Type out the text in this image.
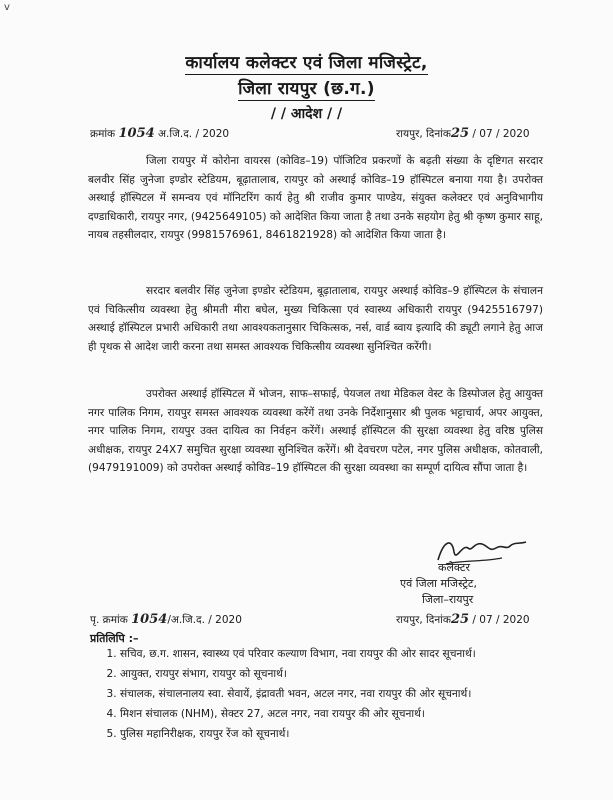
v
कार्यालय कलेक्टर एवं जिला मजिस्ट्रेट,
जिला रायपुर (छ.ग.)
/ / आदेश / /
क्रमांक 1054 अ.जि.द. / 2020	रायपुर, दिनांक25 / 07 / 2020
जिला रायपुर में कोरोना वायरस (कोविड–19) पॉजिटिव प्रकरणों के बढ़ती संख्या के दृष्टिगत सरदार बलवीर सिंह जुनेजा इण्डोर स्टेडियम, बूढ़ातालाब, रायपुर को अस्थाई कोविड–19 हॉस्पिटल बनाया गया है। उपरोक्त अस्थाई हॉस्पिटल में समन्वय एवं मॉनिटरिंग कार्य हेतु श्री राजीव कुमार पाण्डेय, संयुक्त कलेक्टर एवं अनुविभागीय दण्डाधिकारी, रायपुर नगर, (9425649105) को आदेशित किया जाता है तथा उनके सहयोग हेतु श्री कृष्ण कुमार साहू, नायब तहसीलदार, रायपुर (9981576961, 8461821928) को आदेशित किया जाता है।
सरदार बलवीर सिंह जुनेजा इण्डोर स्टेडियम, बूढ़ातालाब, रायपुर अस्थाई कोविड–9 हॉस्पिटल के संचालन एवं चिकित्सीय व्यवस्था हेतु श्रीमती मीरा बघेल, मुख्य चिकित्सा एवं स्वास्थ्य अधिकारी रायपुर (9425516797) अस्थाई हॉस्पिटल प्रभारी अधिकारी तथा आवश्यकतानुसार चिकित्सक, नर्स, वार्ड ब्वाय इत्यादि की ड्यूटी लगाने हेतु आज ही पृथक से आदेश जारी करना तथा समस्त आवश्यक चिकित्सीय व्यवस्था सुनिश्चित करेंगी।
उपरोक्त अस्थाई हॉस्पिटल में भोजन, साफ–सफाई, पेयजल तथा मेडिकल वेस्ट के डिस्पोजल हेतु आयुक्त नगर पालिक निगम, रायपुर समस्त आवश्यक व्यवस्था करेंगें तथा उनके निर्देशानुसार श्री पुलक भट्टाचार्य, अपर आयुक्त, नगर पालिक निगम, रायपुर उक्त दायित्व का निर्वहन करेंगें। अस्थाई हॉस्पिटल की सुरक्षा व्यवस्था हेतु वरिष्ठ पुलिस अधीक्षक, रायपुर 24X7 समुचित सुरक्षा व्यवस्था सुनिश्चित करेंगें। श्री देवचरण पटेल, नगर पुलिस अधीक्षक, कोतवाली, (9479191009) को उपरोक्त अस्थाई कोविड–19 हॉस्पिटल की सुरक्षा व्यवस्था का सम्पूर्ण दायित्व सौंपा जाता है।
कलेक्टर
एवं जिला मजिस्ट्रेट,
जिला–रायपुर
पृ. क्रमांक 1054/अ.जि.द. / 2020	रायपुर, दिनांक25 / 07 / 2020
प्रतिलिपि :–
1. सचिव, छ.ग. शासन, स्वास्थ्य एवं परिवार कल्याण विभाग, नवा रायपुर की ओर सादर सूचनार्थ।
2. आयुक्त, रायपुर संभाग, रायपुर को सूचनार्थ।
3. संचालक, संचालनालय स्वा. सेवायें, इंद्रावती भवन, अटल नगर, नवा रायपुर की ओर सूचनार्थ।
4. मिशन संचालक (NHM), सेक्टर 27, अटल नगर, नवा रायपुर की ओर सूचनार्थ।
5. पुलिस महानिरीक्षक, रायपुर रेंज को सूचनार्थ।
